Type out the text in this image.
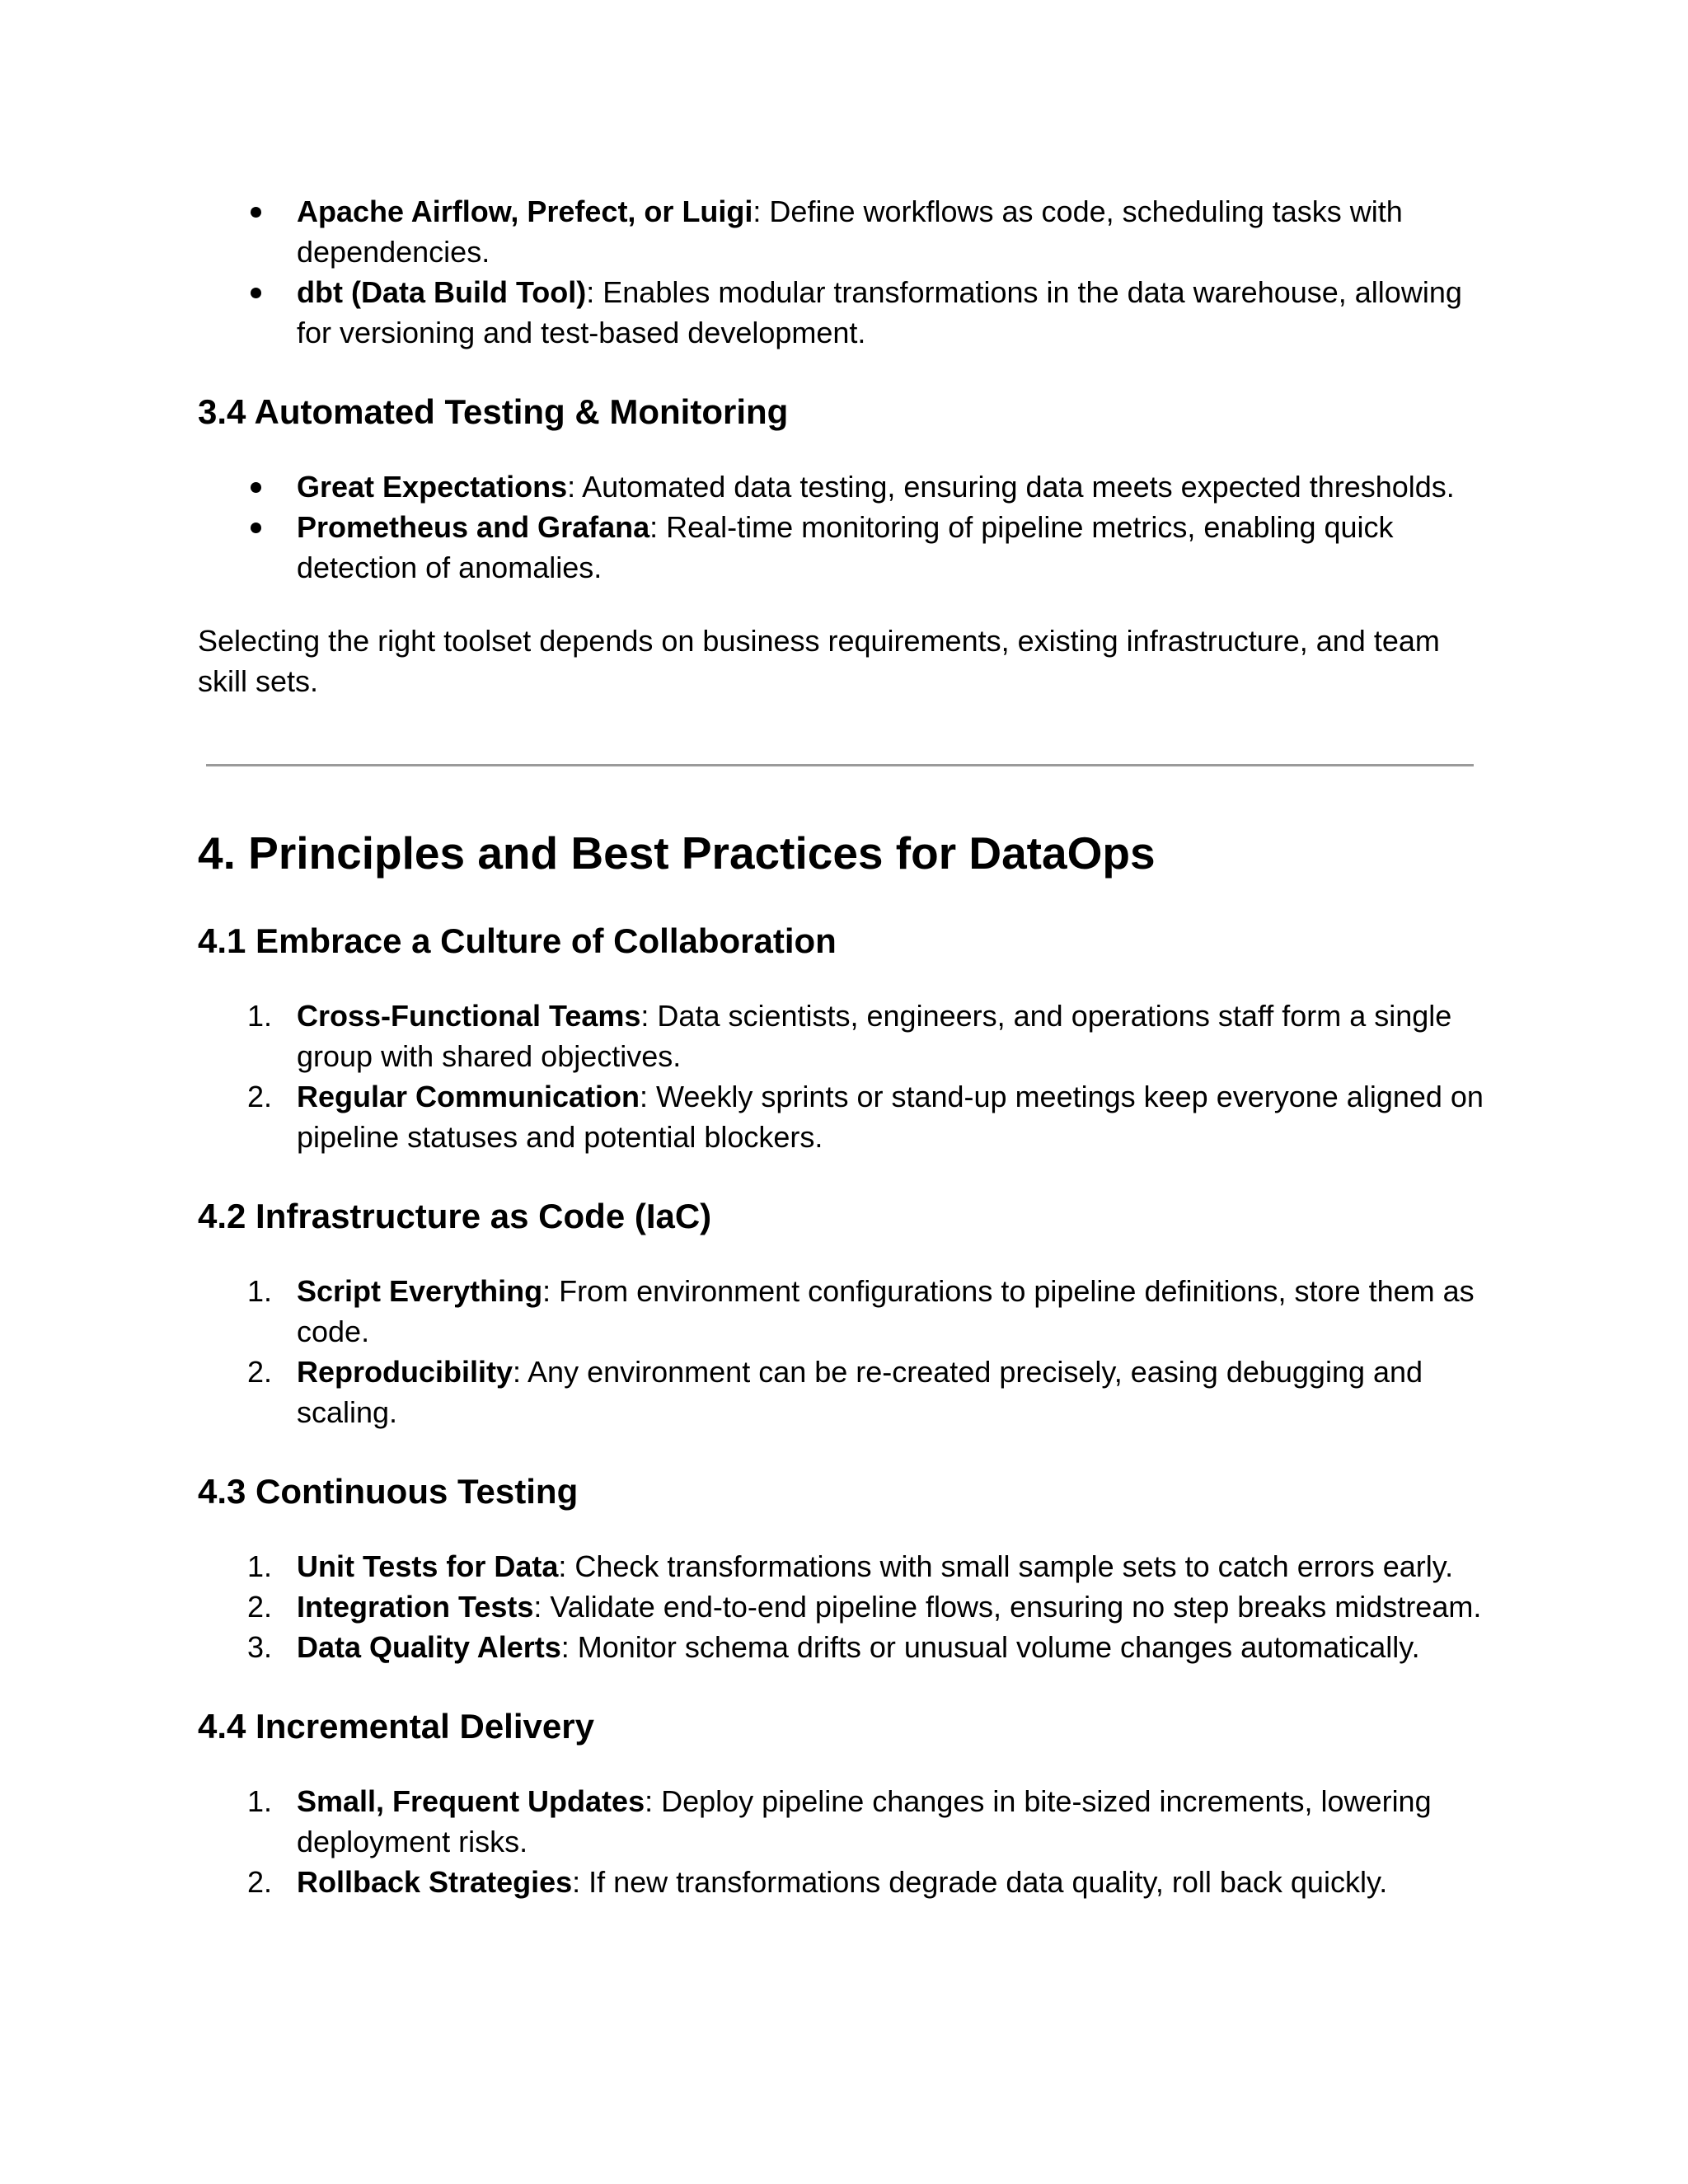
Apache Airflow, Prefect, or Luigi: Define workflows as code, scheduling tasks with dependencies.
dbt (Data Build Tool): Enables modular transformations in the data warehouse, allowing for versioning and test-based development.
3.4 Automated Testing & Monitoring
Great Expectations: Automated data testing, ensuring data meets expected thresholds.
Prometheus and Grafana: Real-time monitoring of pipeline metrics, enabling quick detection of anomalies.

Selecting the right toolset depends on business requirements, existing infrastructure, and team skill sets.

4. Principles and Best Practices for DataOps
4.1 Embrace a Culture of Collaboration
1. Cross-Functional Teams: Data scientists, engineers, and operations staff form a single group with shared objectives.
2. Regular Communication: Weekly sprints or stand-up meetings keep everyone aligned on pipeline statuses and potential blockers.
4.2 Infrastructure as Code (IaC)
1. Script Everything: From environment configurations to pipeline definitions, store them as code.
2. Reproducibility: Any environment can be re-created precisely, easing debugging and scaling.
4.3 Continuous Testing
1. Unit Tests for Data: Check transformations with small sample sets to catch errors early.
2. Integration Tests: Validate end-to-end pipeline flows, ensuring no step breaks midstream.
3. Data Quality Alerts: Monitor schema drifts or unusual volume changes automatically.
4.4 Incremental Delivery
1. Small, Frequent Updates: Deploy pipeline changes in bite-sized increments, lowering deployment risks.
2. Rollback Strategies: If new transformations degrade data quality, roll back quickly.
